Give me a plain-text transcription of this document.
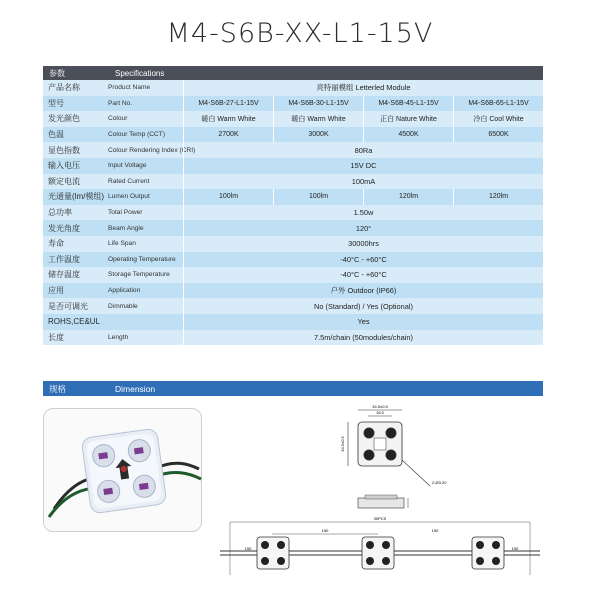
M4-S6B-XX-L1-15V
参数	Specifications
产品名称	Product Name	亮特丽模组 Letterled Module
型号	Part No.	M4-S6B-27-L1-15V	M4-S6B-30-L1-15V	M4-S6B-45-L1-15V	M4-S6B-65-L1-15V
发光颜色	Colour	暖白 Warm White	暖白 Warm White	正白 Nature White	冷白 Cool White
色温	Colour Temp (CCT)	2700K	3000K	4500K	6500K
显色指数	Colour Rendering Index (CRI)	80Ra
输入电压	Input Voltage	15V DC
额定电流	Rated Current	100mA
光通量(lm/模组) Lumen Output	100lm	100lm	120lm	120lm
总功率	Total Power	1.50w
发光角度	Beam Angle	120°
寿命	Life Span	30000hrs
工作温度	Operating Temperature	-40°C - +60°C
储存温度	Storage Temperature	-40°C - +60°C
应用	Application	户外 Outdoor (IP66)
是否可调光	Dimmable	No (Standard) / Yes (Optional)
ROHS,CE&UL	Yes
长度	Length	7.5m/chain (50modules/chain)
规格	Dimension
34.5±0.5
16.0
34.5±0.5
2-Ø3.20
30PCS
150	150
150	150
Letterled	Letterled	Letterled
